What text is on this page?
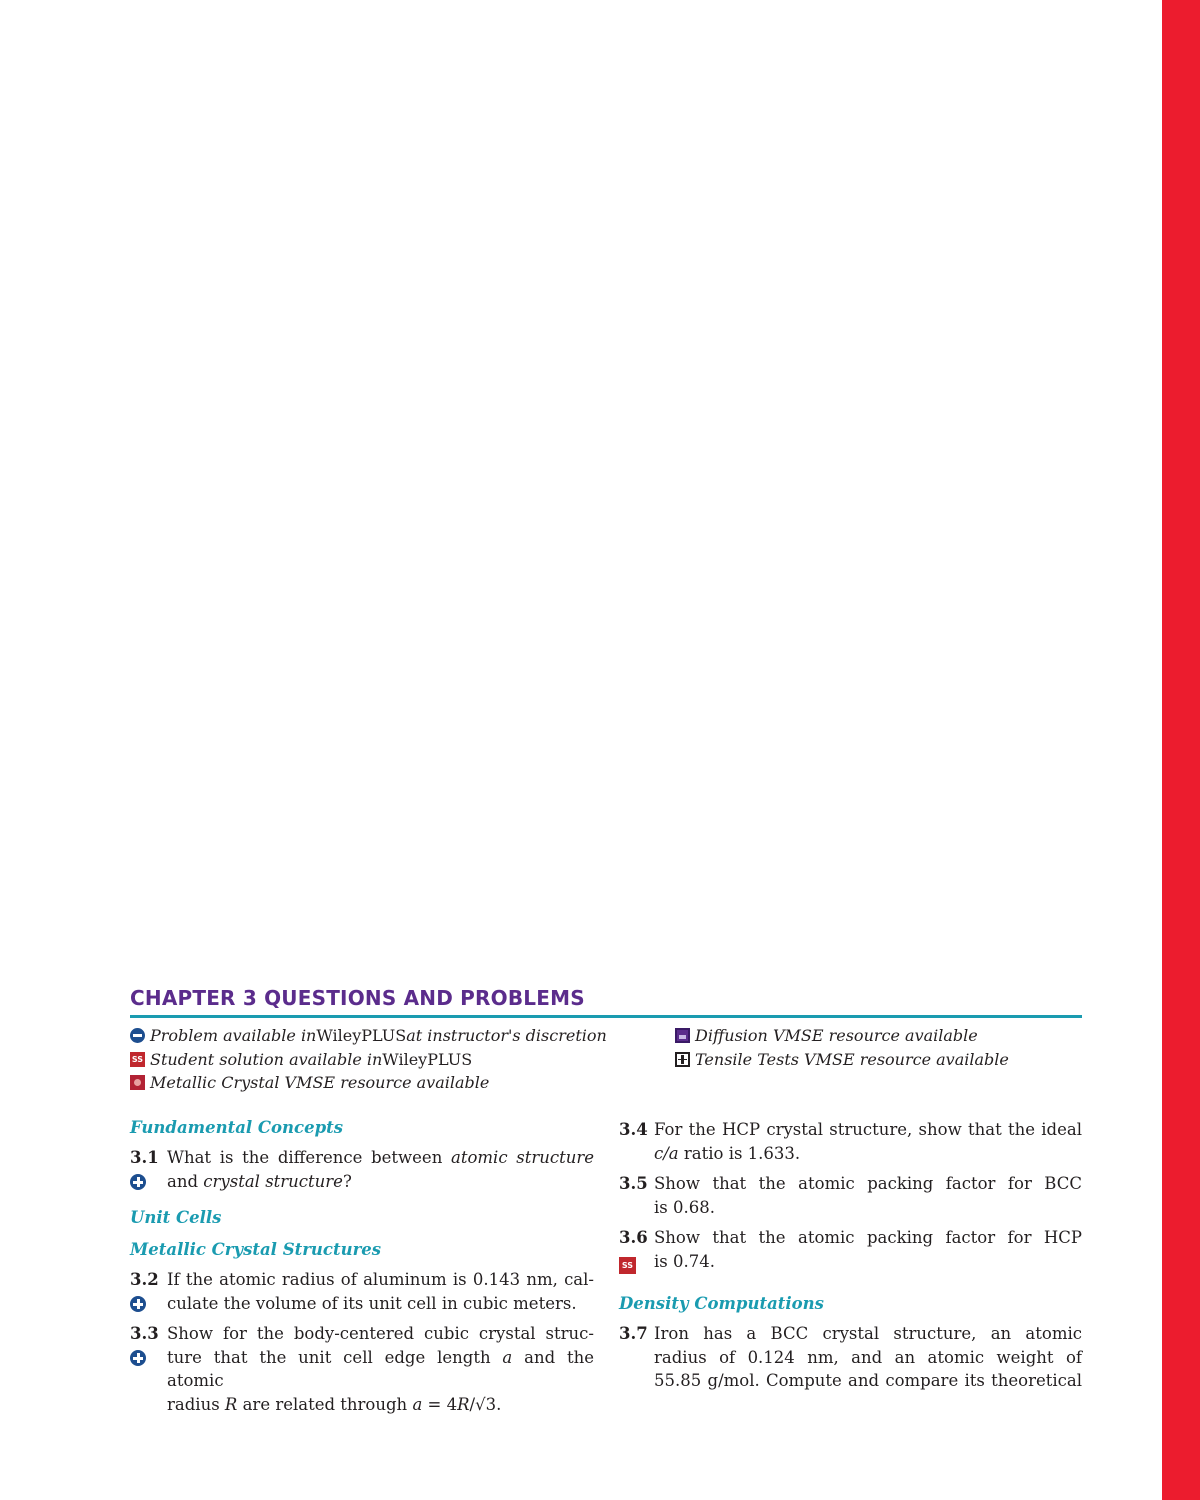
CHAPTER 3 QUESTIONS AND PROBLEMS
Problem available in WileyPLUS at instructor's discretion
SS Student solution available in WileyPLUS
Metallic Crystal VMSE resource available
Diffusion VMSE resource available
Tensile Tests VMSE resource available
Fundamental Concepts
3.1 What is the difference between atomic structure
and crystal structure?
Unit Cells
Metallic Crystal Structures
3.2 If the atomic radius of aluminum is 0.143 nm, cal-
culate the volume of its unit cell in cubic meters.
3.3 Show for the body-centered cubic crystal struc-
ture that the unit cell edge length a and the atomic
radius R are related through a = 4R/√3.
3.4 For the HCP crystal structure, show that the ideal
c/a ratio is 1.633.
3.5 Show that the atomic packing factor for BCC
is 0.68.
3.6
SS
Show that the atomic packing factor for HCP
is 0.74.
Density Computations
3.7 Iron has a BCC crystal structure, an atomic
radius of 0.124 nm, and an atomic weight of
55.85 g/mol. Compute and compare its theoretical
